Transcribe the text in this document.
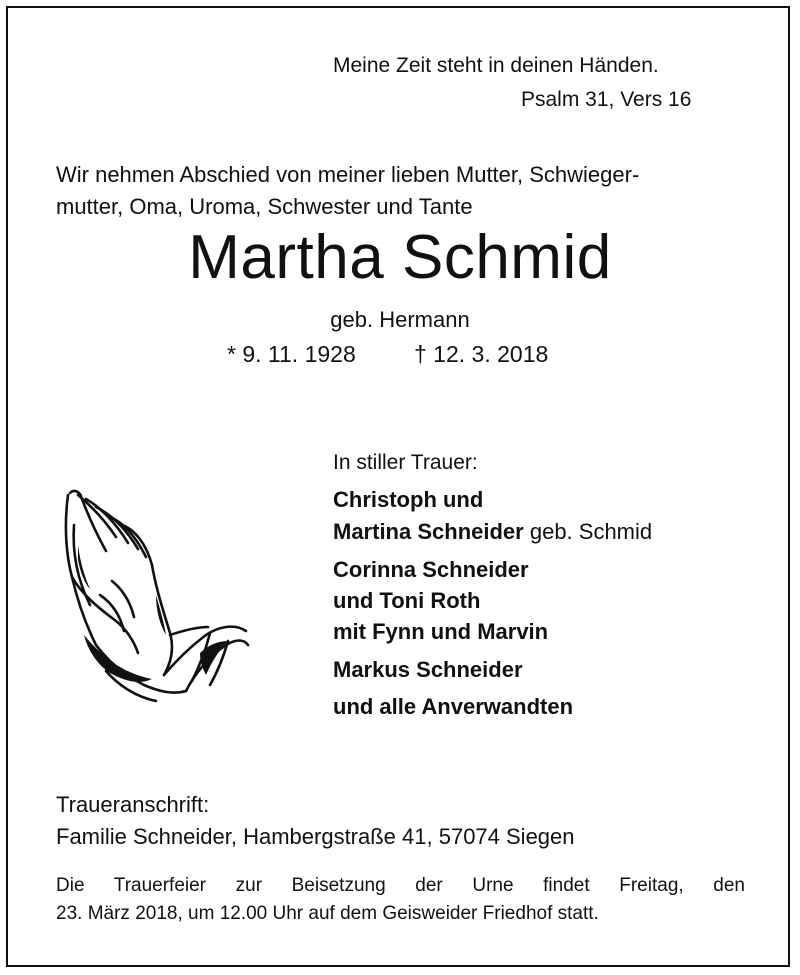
Meine Zeit steht in deinen Händen.
Psalm 31, Vers 16
Wir nehmen Abschied von meiner lieben Mutter, Schwieger-
mutter, Oma, Uroma, Schwester und Tante
Martha Schmid
geb. Hermann
* 9. 11. 1928	† 12. 3. 2018
In stiller Trauer:
Christoph und
Martina Schneider geb. Schmid
Corinna Schneider
und Toni Roth
mit Fynn und Marvin
Markus Schneider
und alle Anverwandten
Traueranschrift:
Familie Schneider, Hambergstraße 41, 57074 Siegen
Die Trauerfeier zur Beisetzung der Urne findet Freitag, den
23. März 2018, um 12.00 Uhr auf dem Geisweider Friedhof statt.
